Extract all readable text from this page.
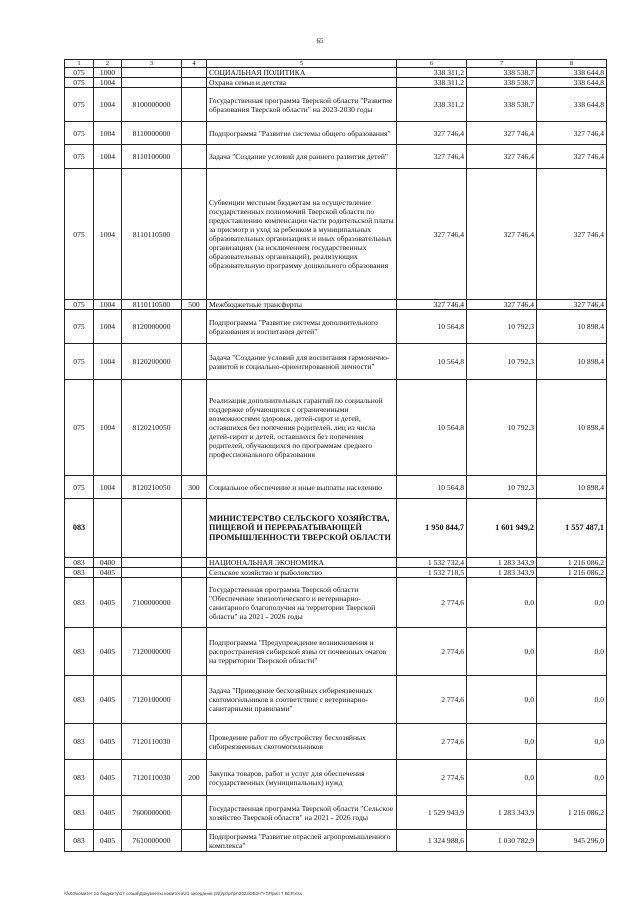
65
1	2	3	4	5	6	7	8
075	1000			СОЦИАЛЬНАЯ ПОЛИТИКА	338 311,2	338 538,7	338 644,8
075	1004			Охрана семьи и детства	338 311,2	338 538,7	338 644,8
075	1004	8100000000		Государственная программа Тверской области "Развитие образования Тверской области" на 2023-2030 годы	338 311,2	338 538,7	338 644,8
075	1004	8110000000		Подпрограмма "Развитие системы общего образования"	327 746,4	327 746,4	327 746,4
075	1004	8110100000		Задача "Создание условий для раннего развития детей"	327 746,4	327 746,4	327 746,4
075	1004	8110110500		Субвенции местным бюджетам на осуществление государственных полномочий Тверской области по предоставлению компенсации части родительской платы за присмотр и уход за ребенком в муниципальных образовательных организациях и иных образовательных организациях (за исключением государственных образовательных организаций), реализующих образовательную программу дошкольного образования	327 746,4	327 746,4	327 746,4
075	1004	8110110500	500	Межбюджетные трансферты	327 746,4	327 746,4	327 746,4
075	1004	8120000000		Подпрограмма "Развитие системы дополнительного образования и воспитания детей"	10 564,8	10 792,3	10 898,4
075	1004	8120200000		Задача "Создание условий для воспитания гармонично-развитой и социально-ориентированной личности"	10 564,8	10 792,3	10 898,4
075	1004	8120210050		Реализация дополнительных гарантий по социальной поддержке обучающихся с ограниченными возможностями здоровья, детей-сирот и детей, оставшихся без попечения родителей, лиц из числа детей-сирот и детей, оставшихся без попечения родителей, обучающихся по программам среднего профессионального образования	10 564,8	10 792,3	10 898,4
075	1004	8120210050	300	Социальное обеспечение и иные выплаты населению	10 564,8	10 792,3	10 898,4
083				МИНИСТЕРСТВО СЕЛЬСКОГО ХОЗЯЙСТВА, ПИЩЕВОЙ И ПЕРЕРАБАТЫВАЮЩЕЙ ПРОМЫШЛЕННОСТИ ТВЕРСКОЙ ОБЛАСТИ	1 950 844,7	1 601 949,2	1 557 487,1
083	0400			НАЦИОНАЛЬНАЯ ЭКОНОМИКА	1 532 732,4	1 283 343,9	1 216 086,2
083	0405			Сельское хозяйство и рыболовство	1 532 718,5	1 283 343,9	1 216 086,2
083	0405	7100000000		Государственная программа Тверской области "Обеспечение эпизоотического и ветеринарно-санитарного благополучия на территории Тверской области" на 2021 - 2026 годы	2 774,6	0,0	0,0
083	0405	7120000000		Подпрограмма "Предупреждение возникновения и распространения сибирской язвы от почвенных очагов на территории Тверской области"	2 774,6	0,0	0,0
083	0405	7120100000		Задача "Приведение бесхозяйных сибиреязвенных скотомогильников в соответствие с ветеринарно-санитарными правилами"	2 774,6	0,0	0,0
083	0405	7120110030		Проведение работ по обустройству бесхозяйных сибиреязвенных скотомогильников	2 774,6	0,0	0,0
083	0405	7120110030	200	Закупка товаров, работ и услуг для обеспечения государственных (муниципальных) нужд	2 774,6	0,0	0,0
083	0405	7600000000		Государственная программа Тверской области "Сельское хозяйство Тверской области" на 2021 - 2026 годы	1 529 943,9	1 283 343,9	1 216 086,2
083	0405	7610000000		Подпрограмма "Развитие отраслей агропромышленного комплекса"	1 324 988,6	1 030 782,9	945 296,0
\\fs03\комитет по бюджету\17 созыв\Документы комитета\21 заседание (32)\pr\pr\pr\2023\ЗБЭ-П-7\Прил 7 ВСР.xlsx
